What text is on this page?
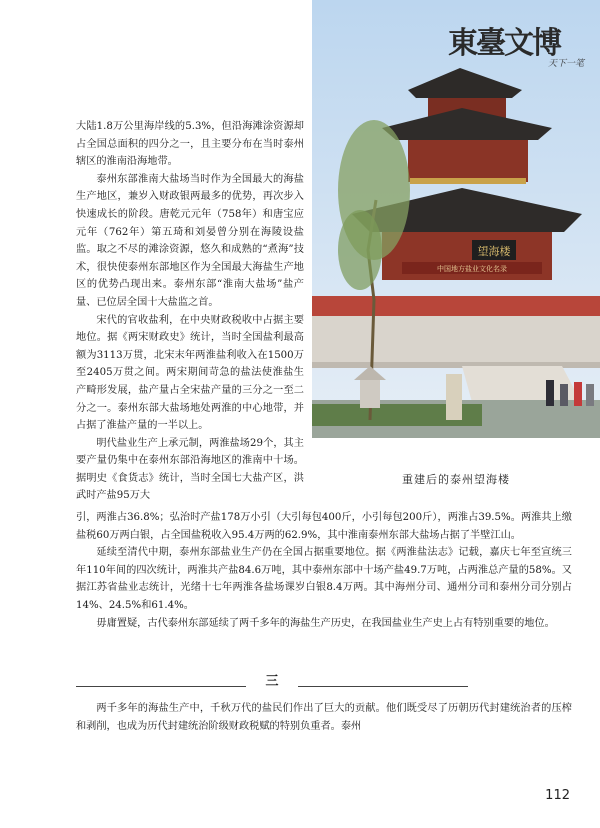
望海楼
中国地方盐业文化名录
東臺文博
天下一笔
重建后的泰州望海楼

大陆1.8万公里海岸线的5.3%，但沿海滩涂资源却占全国总面积的四分之一，且主要分布在当时泰州辖区的淮南沿海地带。

泰州东部淮南大盐场当时作为全国最大的海盐生产地区，兼岁入财政银两最多的优势，再次步入快速成长的阶段。唐乾元元年（758年）和唐宝应元年（762年）第五琦和刘晏曾分别在海陵设盐监。取之不尽的滩涂资源，悠久和成熟的“煮海”技术，很快使泰州东部地区作为全国最大海盐生产地区的优势凸现出来。泰州东部“淮南大盐场”盐产量、已位居全国十大盐监之首。

宋代的官收盐利，在中央财政税收中占据主要地位。据《两宋财政史》统计，当时全国盐利最高额为3113万贯，北宋末年两淮盐利收入在1500万至2405万贯之间。两宋期间苛急的盐法使淮盐生产畸形发展，盐产量占全宋盐产量的三分之一至二分之一。泰州东部大盐场地处两淮的中心地带，并占据了淮盐产量的一半以上。

明代盐业生产上承元制，两淮盐场29个，其主要产量仍集中在泰州东部沿海地区的淮南中十场。据明史《食货志》统计，当时全国七大盐产区，洪武时产盐95万大

引，两淮占36.8%；弘治时产盐178万小引（大引每包400斤，小引每包200斤），两淮占39.5%。两淮共上缴盐税60万两白银，占全国盐税收入95.4万两的62.9%，其中淮南泰州东部大盐场占据了半壁江山。

延续至清代中期，泰州东部盐业生产仍在全国占据重要地位。据《两淮盐法志》记载，嘉庆七年至宣统三年110年间的四次统计，两淮共产盐84.6万吨，其中泰州东部中十场产盐49.7万吨，占两淮总产量的58%。又据江苏省盐业志统计，光绪十七年两淮各盐场课岁白银8.4万两。其中海州分司、通州分司和泰州分司分别占14%、24.5%和61.4%。

毋庸置疑，古代泰州东部延续了两千多年的海盐生产历史，在我国盐业生产史上占有特别重要的地位。

三

两千多年的海盐生产中，千秋万代的盐民们作出了巨大的贡献。他们既受尽了历朝历代封建统治者的压榨和剥削，也成为历代封建统治阶级财政税赋的特别负重者。泰州

112
